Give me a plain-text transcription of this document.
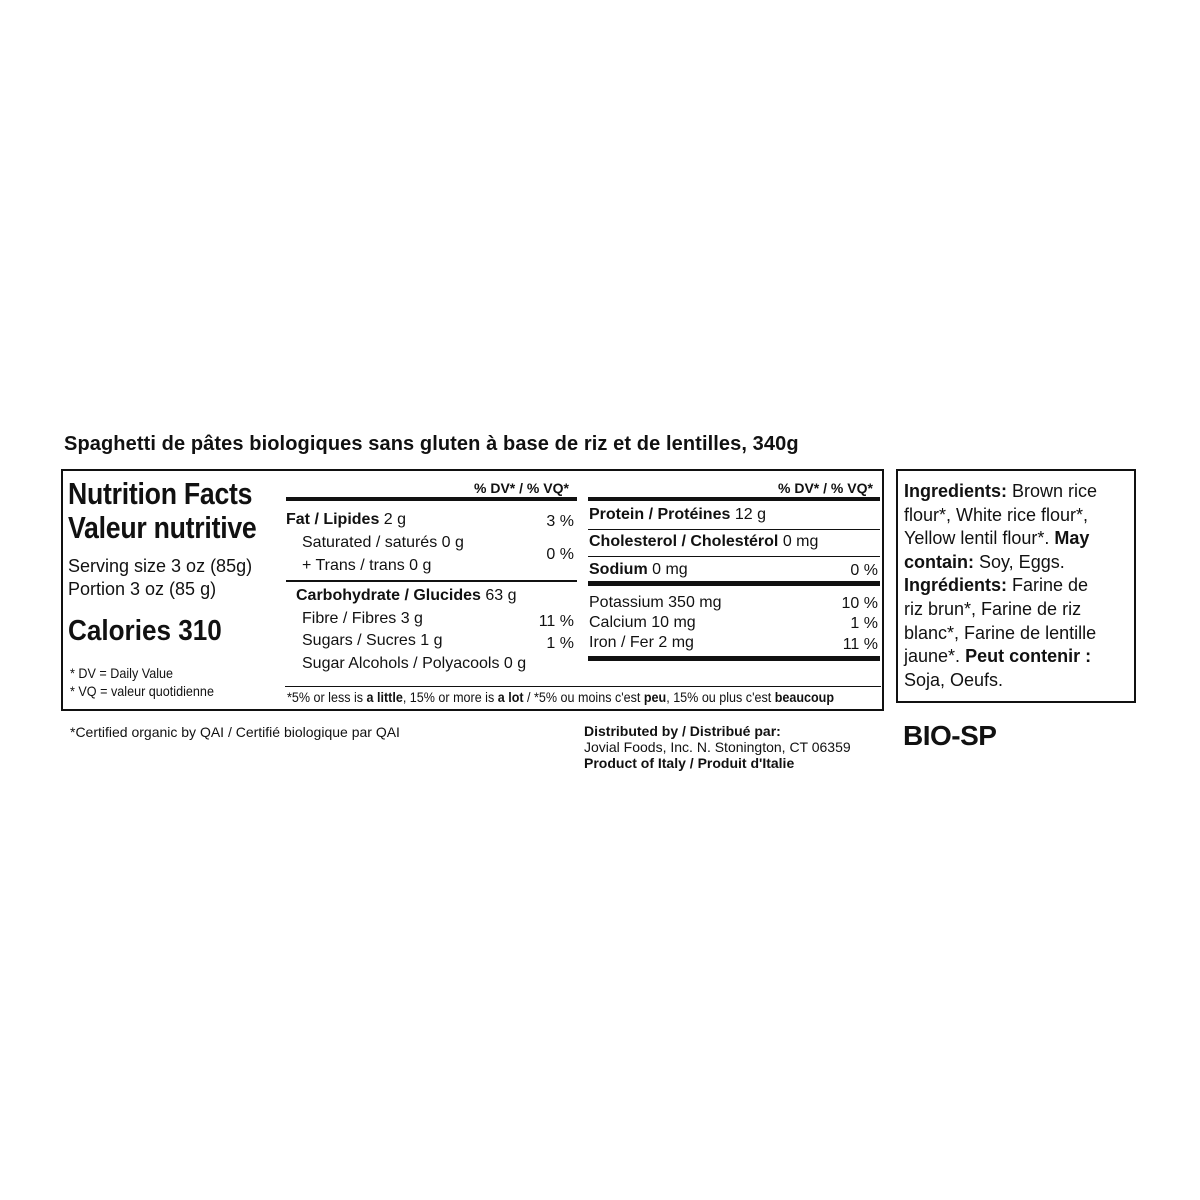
Spaghetti de pâtes biologiques sans gluten à base de riz et de lentilles, 340g
Nutrition Facts
Valeur nutritive
Serving size 3 oz (85g)
Portion 3 oz (85 g)
Calories 310
* DV = Daily Value
* VQ = valeur quotidienne
% DV* / % VQ*
Fat / Lipides 2 g	3 %
Saturated / saturés 0 g
+ Trans / trans 0 g
0 %
Carbohydrate / Glucides 63 g
Fibre / Fibres 3 g	11 %
Sugars / Sucres 1 g	1 %
Sugar Alcohols / Polyacools 0 g
% DV* / % VQ*
Protein / Protéines 12 g
Cholesterol / Cholestérol 0 mg
Sodium 0 mg	0 %
Potassium 350 mg	10 %
Calcium 10 mg	1 %
Iron / Fer 2 mg	11 %
*5% or less is a little, 15% or more is a lot / *5% ou moins c'est peu, 15% ou plus c'est beaucoup
Ingredients: Brown rice
flour*, White rice flour*,
Yellow lentil flour*. May
contain: Soy, Eggs.
Ingrédients: Farine de
riz brun*, Farine de riz
blanc*, Farine de lentille
jaune*. Peut contenir :
Soja, Oeufs.
*Certified organic by QAI / Certifié biologique par QAI	Distributed by / Distribué par:
Jovial Foods, Inc. N. Stonington, CT 06359
Product of Italy / Produit d'Italie
BIO-SP
